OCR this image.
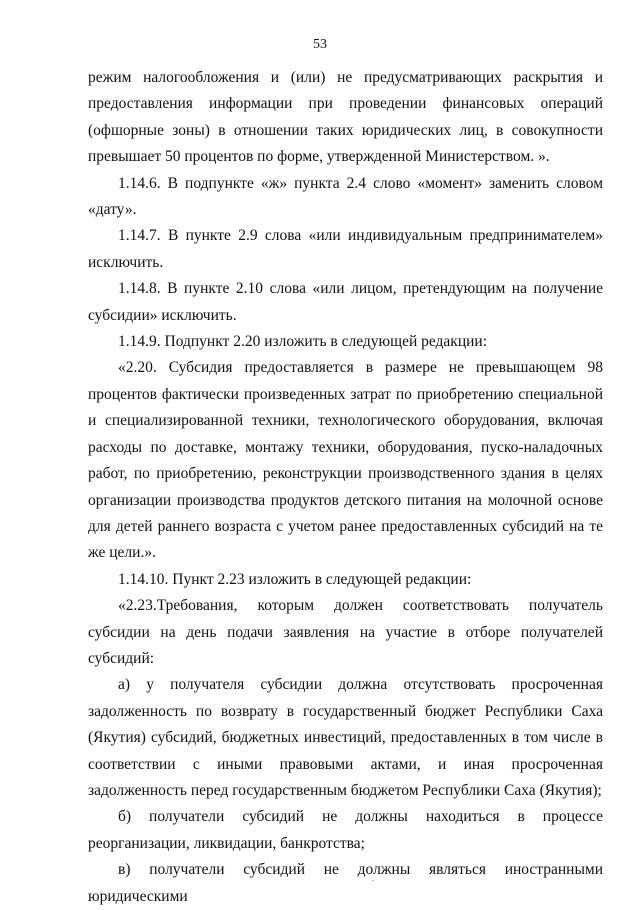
53

режим налогообложения и (или) не предусматривающих раскрытия и предоставления информации при проведении финансовых операций (офшорные зоны) в отношении таких юридических лиц, в совокупности превышает 50 процентов по форме, утвержденной Министерством. ».

1.14.6. В подпункте «ж» пункта 2.4 слово «момент» заменить словом «дату».

1.14.7. В пункте 2.9 слова «или индивидуальным предпринимателем» исключить.

1.14.8. В пункте 2.10 слова «или лицом, претендующим на получение субсидии» исключить.

1.14.9. Подпункт 2.20 изложить в следующей редакции:

«2.20. Субсидия предоставляется в размере не превышающем 98 процентов фактически произведенных затрат по приобретению специальной и специализированной техники, технологического оборудования, включая расходы по доставке, монтажу техники, оборудования, пуско-наладочных работ, по приобретению, реконструкции производственного здания в целях организации производства продуктов детского питания на молочной основе для детей раннего возраста с учетом ранее предоставленных субсидий на те же цели.».

1.14.10. Пункт 2.23 изложить в следующей редакции:

«2.23.Требования, которым должен соответствовать получатель субсидии на день подачи заявления на участие в отборе получателей субсидий:

а) у получателя субсидии должна отсутствовать просроченная задолженность по возврату в государственный бюджет Республики Саха (Якутия) субсидий, бюджетных инвестиций, предоставленных в том числе в соответствии с иными правовыми актами, и иная просроченная задолженность перед государственным бюджетом Республики Саха (Якутия);

б) получатели субсидий не должны находиться в процессе реорганизации, ликвидации, банкротства;

в) получатели субсидий не должны являться иностранными юридическими
